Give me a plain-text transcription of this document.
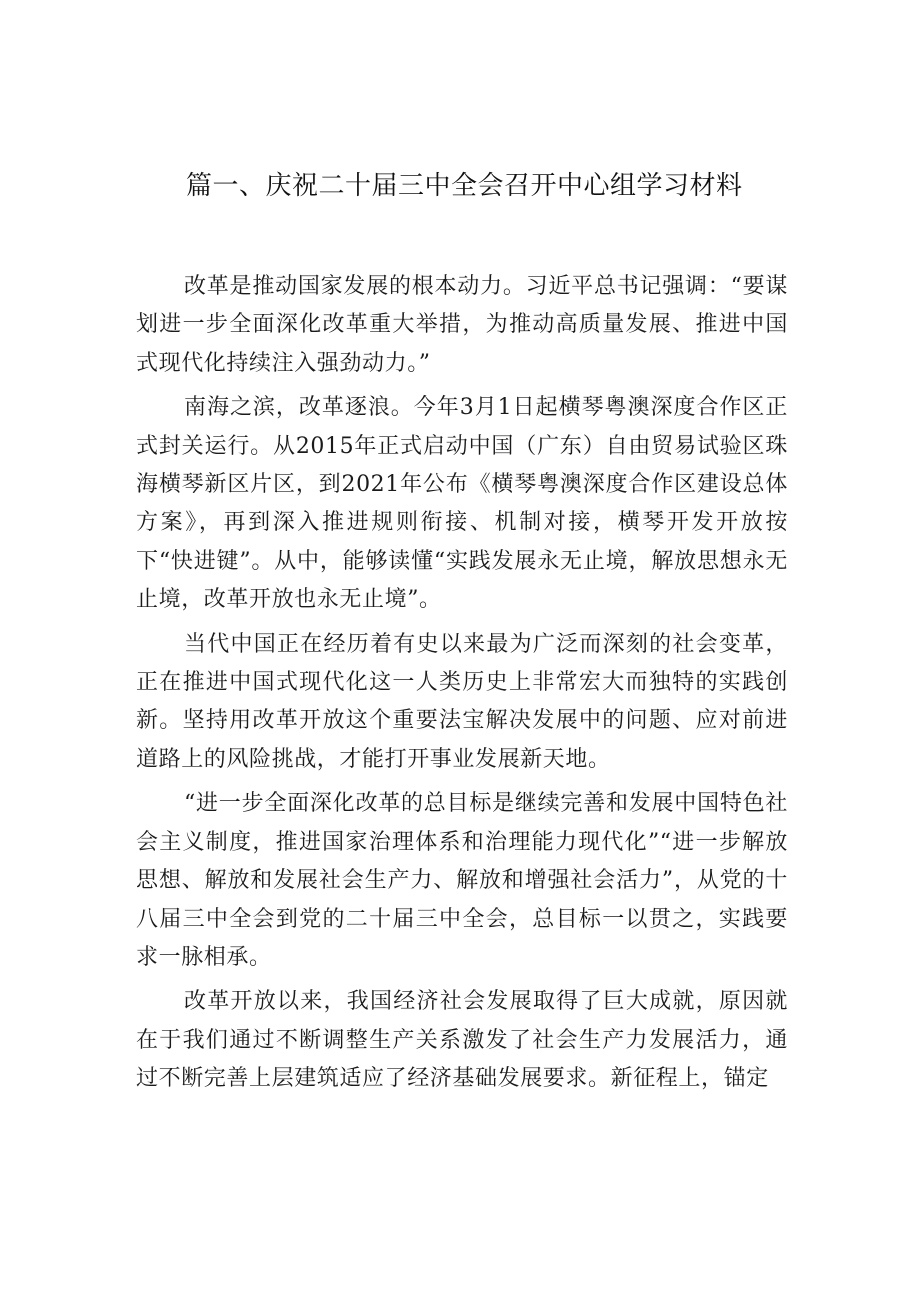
篇一、庆祝二十届三中全会召开中心组学习材料

改革是推动国家发展的根本动力。习近平总书记强调：“要谋划进一步全面深化改革重大举措，为推动高质量发展、推进中国式现代化持续注入强劲动力。”

南海之滨，改革逐浪。今年3月1日起横琴粤澳深度合作区正式封关运行。从2015年正式启动中国（广东）自由贸易试验区珠海横琴新区片区，到2021年公布《横琴粤澳深度合作区建设总体方案》，再到深入推进规则衔接、机制对接，横琴开发开放按下“快进键”。从中，能够读懂“实践发展永无止境，解放思想永无止境，改革开放也永无止境”。

当代中国正在经历着有史以来最为广泛而深刻的社会变革，正在推进中国式现代化这一人类历史上非常宏大而独特的实践创新。坚持用改革开放这个重要法宝解决发展中的问题、应对前进道路上的风险挑战，才能打开事业发展新天地。

“进一步全面深化改革的总目标是继续完善和发展中国特色社会主义制度，推进国家治理体系和治理能力现代化”“进一步解放思想、解放和发展社会生产力、解放和增强社会活力”，从党的十八届三中全会到党的二十届三中全会，总目标一以贯之，实践要求一脉相承。

改革开放以来，我国经济社会发展取得了巨大成就，原因就在于我们通过不断调整生产关系激发了社会生产力发展活力，通过不断完善上层建筑适应了经济基础发展要求。新征程上，锚定
